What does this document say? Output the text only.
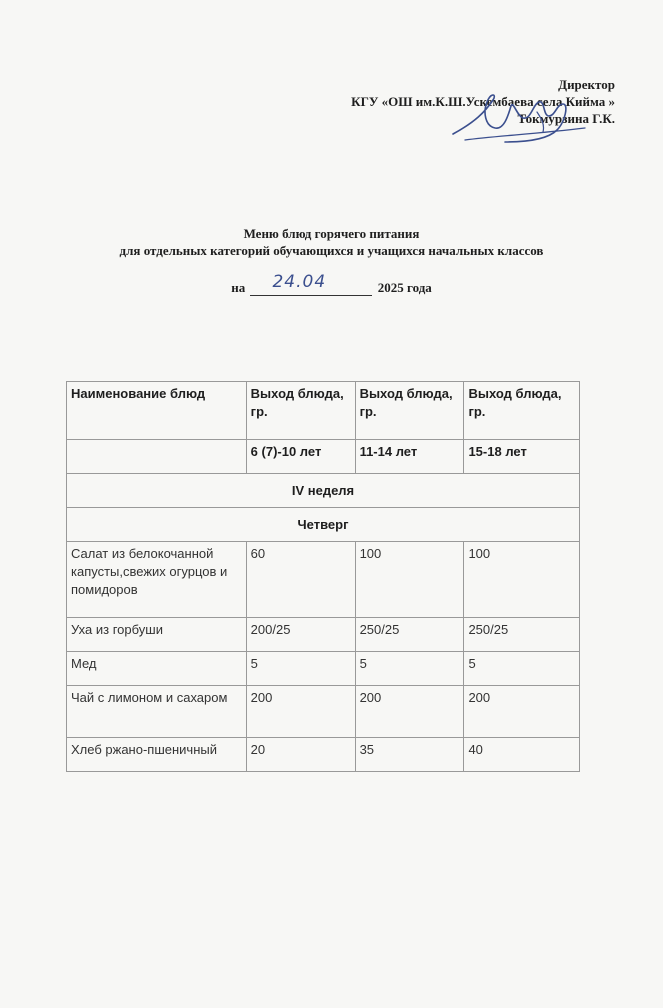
Директор
КГУ «ОШ им.К.Ш.Ускембаева села Кийма »
Токмурзина Г.К.
Меню блюд горячего питания
для отдельных категорий обучающихся и учащихся начальных классов
на 24.04	2025 года
Наименование блюд	Выход блюда, гр.	Выход блюда, гр.	Выход блюда, гр.
	6 (7)-10 лет	11-14 лет	15-18 лет
IV неделя			
Четверг			
Салат из белокочанной капусты,свежих огурцов и помидоров	60	100	100
Уха из горбуши	200/25	250/25	250/25
Мед	5	5	5
Чай с лимоном и сахаром	200	200	200
Хлеб ржано-пшеничный	20	35	40
